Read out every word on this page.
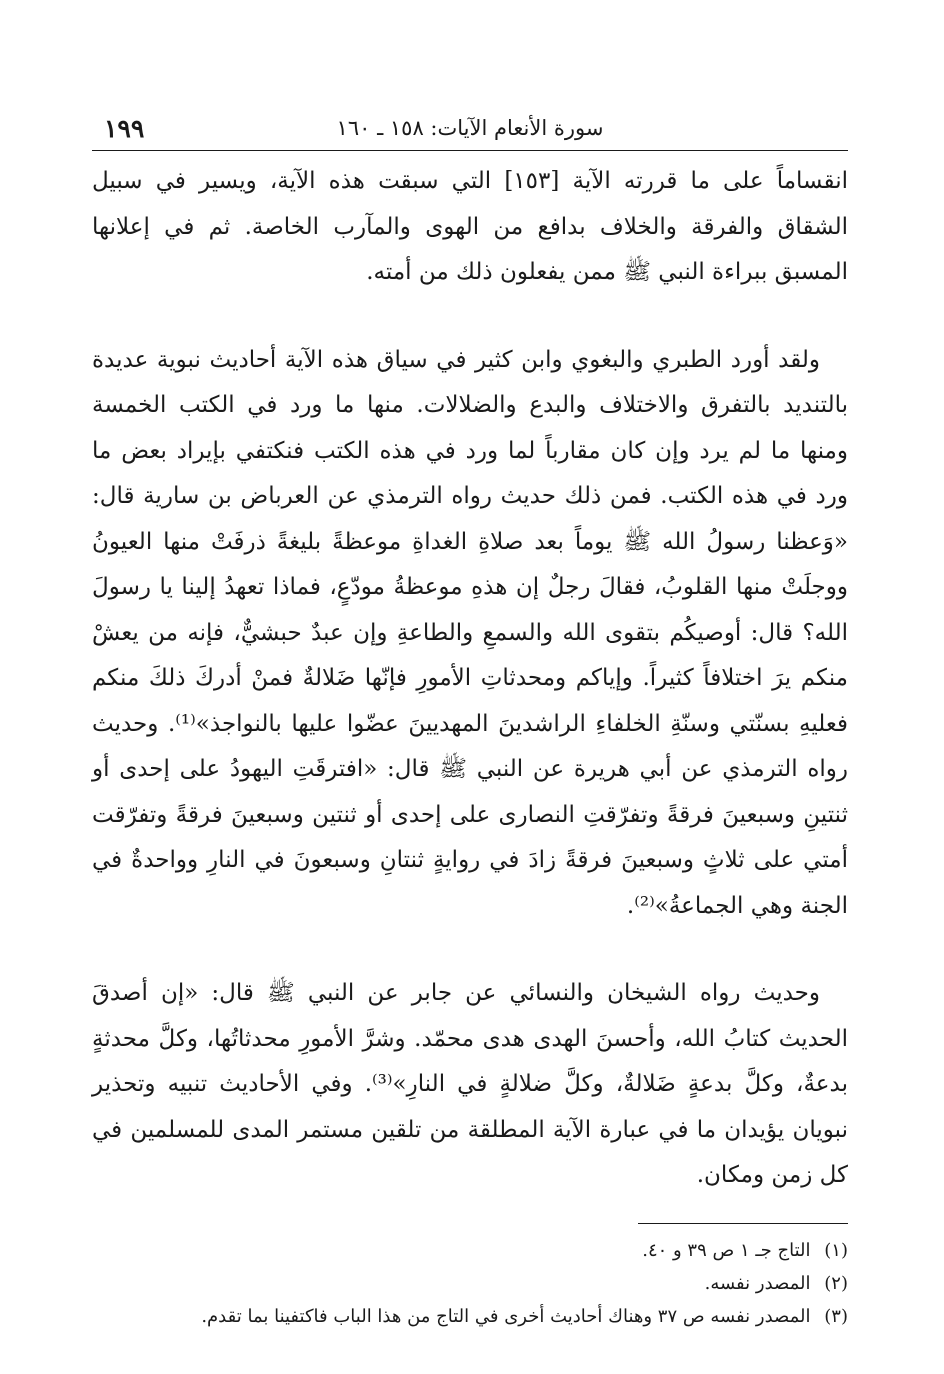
سورة الأنعام الآيات: ١٥٨ ـ ١٦٠
١٩٩

انقساماً على ما قررته الآية [١٥٣] التي سبقت هذه الآية، ويسير في سبيل الشقاق والفرقة والخلاف بدافع من الهوى والمآرب الخاصة. ثم في إعلانها المسبق ببراءة النبي ﷺ ممن يفعلون ذلك من أمته.

ولقد أورد الطبري والبغوي وابن كثير في سياق هذه الآية أحاديث نبوية عديدة بالتنديد بالتفرق والاختلاف والبدع والضلالات. منها ما ورد في الكتب الخمسة ومنها ما لم يرد وإن كان مقارباً لما ورد في هذه الكتب فنكتفي بإيراد بعض ما ورد في هذه الكتب. فمن ذلك حديث رواه الترمذي عن العرباض بن سارية قال: «وَعظنا رسولُ الله ﷺ يوماً بعد صلاةِ الغداةِ موعظةً بليغةً ذرفَتْ منها العيونُ ووجلَتْ منها القلوبُ، فقالَ رجلٌ إن هذهِ موعظةُ مودّعٍ، فماذا تعهدُ إلينا يا رسولَ الله؟ قال: أوصيكُم بتقوى الله والسمعِ والطاعةِ وإن عبدٌ حبشيٌّ، فإنه من يعشْ منكم يرَ اختلافاً كثيراً. وإياكم ومحدثاتِ الأمورِ فإنّها ضَلالةٌ فمنْ أدركَ ذلكَ منكم فعليهِ بسنّتي وسنّةِ الخلفاءِ الراشدينَ المهديينَ عضّوا عليها بالنواجذ»⁽¹⁾. وحديث رواه الترمذي عن أبي هريرة عن النبي ﷺ قال: «افترقَتِ اليهودُ على إحدى أو ثنتينِ وسبعينَ فرقةً وتفرّقتِ النصارى على إحدى أو ثنتين وسبعينَ فرقةً وتفرّقت أمتي على ثلاثٍ وسبعينَ فرقةً زادَ في روايةٍ ثنتانِ وسبعونَ في النارِ وواحدةٌ في الجنة وهي الجماعةُ»⁽²⁾.

وحديث رواه الشيخان والنسائي عن جابر عن النبي ﷺ قال: «إن أصدقَ الحديث كتابُ الله، وأحسنَ الهدى هدى محمّد. وشرَّ الأمورِ محدثاتُها، وكلَّ محدثةٍ بدعةٌ، وكلَّ بدعةٍ ضَلالةٌ، وكلَّ ضلالةٍ في النارِ»⁽³⁾. وفي الأحاديث تنبيه وتحذير نبويان يؤيدان ما في عبارة الآية المطلقة من تلقين مستمر المدى للمسلمين في كل زمن ومكان.

(١) التاج جـ ١ ص ٣٩ و ٤٠.
(٢) المصدر نفسه.
(٣) المصدر نفسه ص ٣٧ وهناك أحاديث أخرى في التاج من هذا الباب فاكتفينا بما تقدم.
